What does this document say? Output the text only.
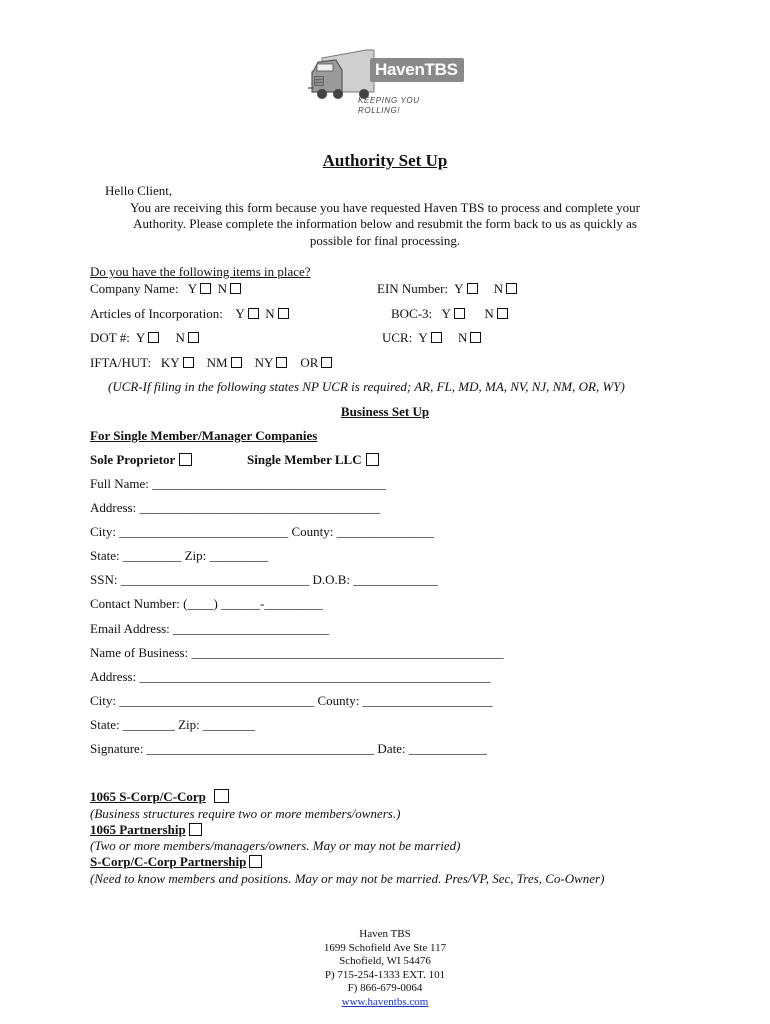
HavenTBS
KEEPING YOU ROLLING!
Authority Set Up
Hello Client,
You are receiving this form because you have requested Haven TBS to process and complete your
Authority. Please complete the information below and resubmit the form back to us as quickly as
possible for final processing.
Do you have the following items in place?
Company Name: Y N	EIN Number: Y N
Articles of Incorporation: Y N	BOC-3: Y	N
DOT #: Y N	UCR: Y N
IFTA/HUT: KY NM NY OR
(UCR-If filing in the following states NP UCR is required; AR, FL, MD, MA, NV, NJ, NM, OR, WY)
Business Set Up
For Single Member/Manager Companies
Sole Proprietor	Single Member LLC
Full Name: ____________________________________
Address: _____________________________________
City: __________________________ County: _______________
State: _________ Zip: _________
SSN: _____________________________ D.O.B: _____________
Contact Number: (____) ______-_________
Email Address: ________________________
Name of Business: ________________________________________________
Address: ______________________________________________________
City: ______________________________ County: ____________________
State: ________ Zip: ________
Signature: ___________________________________ Date: ____________
1065 S-Corp/C-Corp
(Business structures require two or more members/owners.)
1065 Partnership
(Two or more members/managers/owners. May or may not be married)
S-Corp/C-Corp Partnership
(Need to know members and positions. May or may not be married. Pres/VP, Sec, Tres, Co-Owner)
Haven TBS
1699 Schofield Ave Ste 117
Schofield, WI 54476
P) 715-254-1333 EXT. 101
F) 866-679-0064
www.haventbs.com
